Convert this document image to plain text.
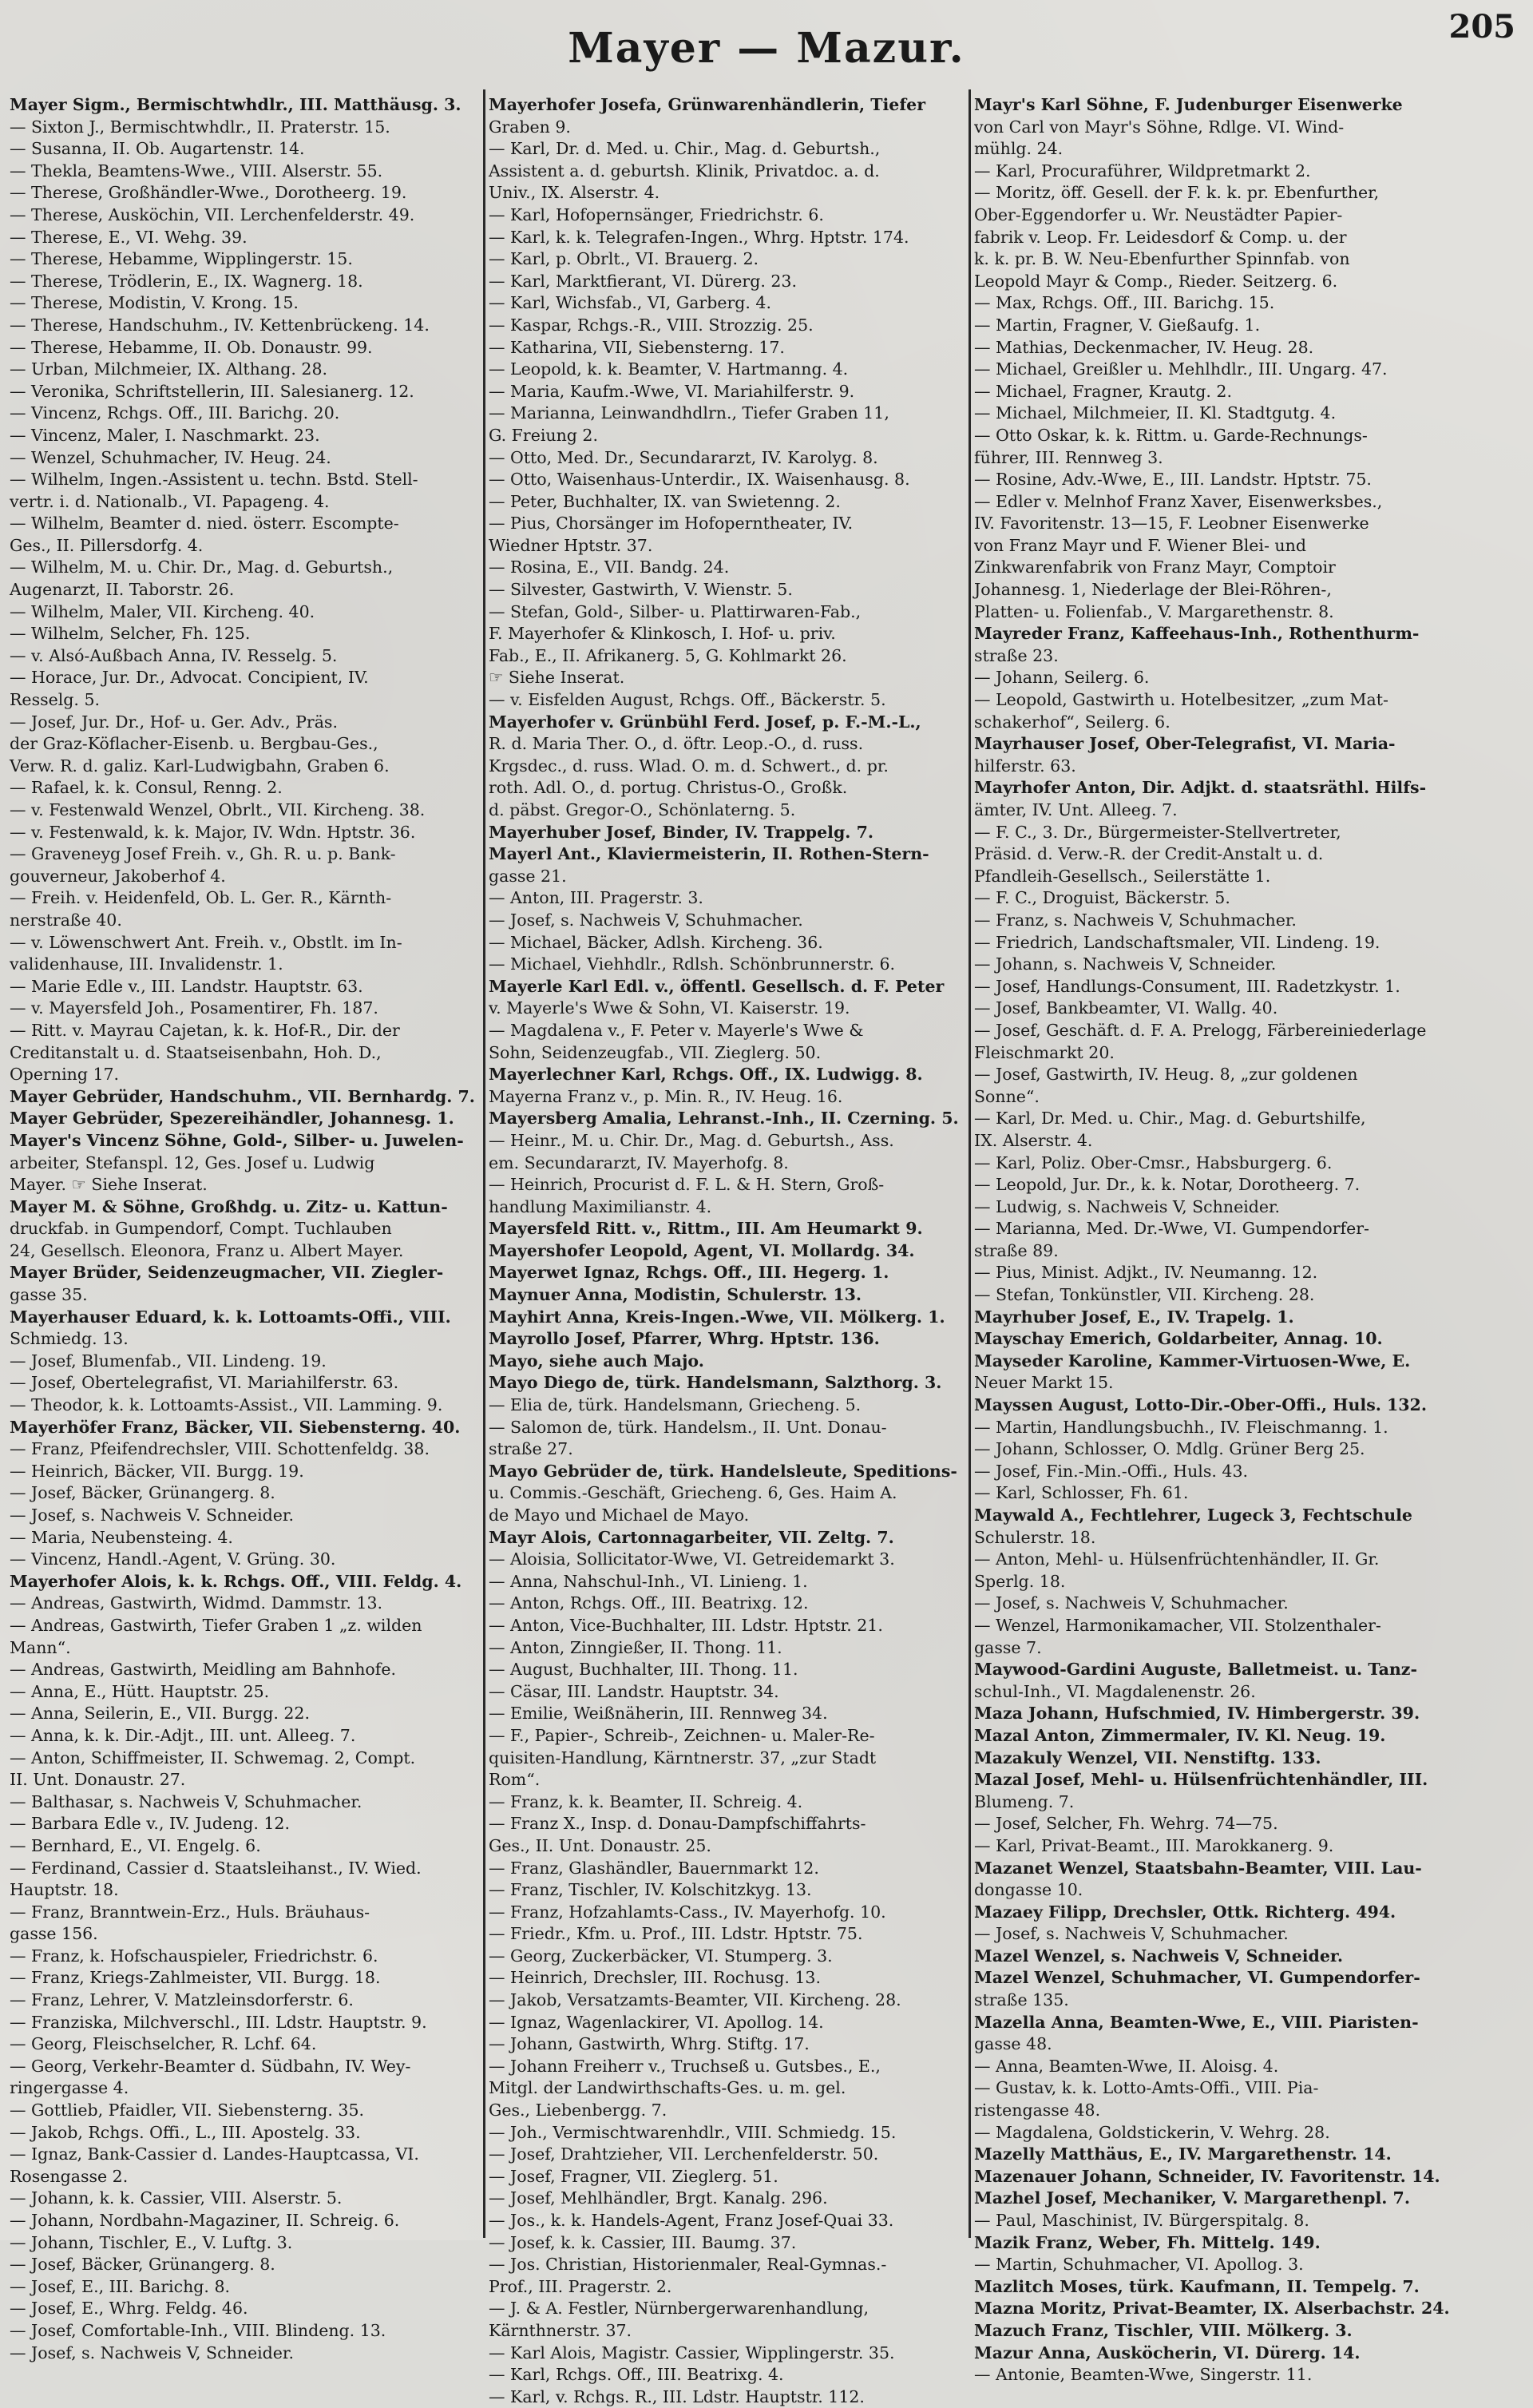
Mayer — Mazur.	205
Mayer Sigm., Bermischtwhdlr., III. Matthäusg. 3.
— Sixton J., Bermischtwhdlr., II. Praterstr. 15.
— Susanna, II. Ob. Augartenstr. 14.
— Thekla, Beamtens-Wwe., VIII. Alserstr. 55.
— Therese, Großhändler-Wwe., Dorotheerg. 19.
— Therese, Ausköchin, VII. Lerchenfelderstr. 49.
— Therese, E., VI. Wehg. 39.
— Therese, Hebamme, Wipplingerstr. 15.
— Therese, Trödlerin, E., IX. Wagnerg. 18.
— Therese, Modistin, V. Krong. 15.
— Therese, Handschuhm., IV. Kettenbrückeng. 14.
— Therese, Hebamme, II. Ob. Donaustr. 99.
— Urban, Milchmeier, IX. Althang. 28.
— Veronika, Schriftstellerin, III. Salesianerg. 12.
— Vincenz, Rchgs. Off., III. Barichg. 20.
— Vincenz, Maler, I. Naschmarkt. 23.
— Wenzel, Schuhmacher, IV. Heug. 24.
— Wilhelm, Ingen.-Assistent u. techn. Bstd. Stell-
vertr. i. d. Nationalb., VI. Papageng. 4.
— Wilhelm, Beamter d. nied. österr. Escompte-
Ges., II. Pillersdorfg. 4.
— Wilhelm, M. u. Chir. Dr., Mag. d. Geburtsh.,
Augenarzt, II. Taborstr. 26.
— Wilhelm, Maler, VII. Kircheng. 40.
— Wilhelm, Selcher, Fh. 125.
— v. Alsó-Außbach Anna, IV. Resselg. 5.
— Horace, Jur. Dr., Advocat. Concipient, IV.
Resselg. 5.
— Josef, Jur. Dr., Hof- u. Ger. Adv., Präs.
der Graz-Köflacher-Eisenb. u. Bergbau-Ges.,
Verw. R. d. galiz. Karl-Ludwigbahn, Graben 6.
— Rafael, k. k. Consul, Renng. 2.
— v. Festenwald Wenzel, Obrlt., VII. Kircheng. 38.
— v. Festenwald, k. k. Major, IV. Wdn. Hptstr. 36.
— Graveneyg Josef Freih. v., Gh. R. u. p. Bank-
gouverneur, Jakoberhof 4.
— Freih. v. Heidenfeld, Ob. L. Ger. R., Kärnth-
nerstraße 40.
— v. Löwenschwert Ant. Freih. v., Obstlt. im In-
validenhause, III. Invalidenstr. 1.
— Marie Edle v., III. Landstr. Hauptstr. 63.
— v. Mayersfeld Joh., Posamentirer, Fh. 187.
— Ritt. v. Mayrau Cajetan, k. k. Hof-R., Dir. der
Creditanstalt u. d. Staatseisenbahn, Hoh. D.,
Operning 17.
Mayer Gebrüder, Handschuhm., VII. Bernhardg. 7.
Mayer Gebrüder, Spezereihändler, Johannesg. 1.
Mayer's Vincenz Söhne, Gold-, Silber- u. Juwelen-
arbeiter, Stefanspl. 12, Ges. Josef u. Ludwig
Mayer. ☞ Siehe Inserat.
Mayer M. & Söhne, Großhdg. u. Zitz- u. Kattun-
druckfab. in Gumpendorf, Compt. Tuchlauben
24, Gesellsch. Eleonora, Franz u. Albert Mayer.
Mayer Brüder, Seidenzeugmacher, VII. Ziegler-
gasse 35.
Mayerhauser Eduard, k. k. Lottoamts-Offi., VIII.
Schmiedg. 13.
— Josef, Blumenfab., VII. Lindeng. 19.
— Josef, Obertelegrafist, VI. Mariahilferstr. 63.
— Theodor, k. k. Lottoamts-Assist., VII. Lamming. 9.
Mayerhöfer Franz, Bäcker, VII. Siebensterng. 40.
— Franz, Pfeifendrechsler, VIII. Schottenfeldg. 38.
— Heinrich, Bäcker, VII. Burgg. 19.
— Josef, Bäcker, Grünangerg. 8.
— Josef, s. Nachweis V. Schneider.
— Maria, Neubensteing. 4.
— Vincenz, Handl.-Agent, V. Grüng. 30.
Mayerhofer Alois, k. k. Rchgs. Off., VIII. Feldg. 4.
— Andreas, Gastwirth, Widmd. Dammstr. 13.
— Andreas, Gastwirth, Tiefer Graben 1 „z. wilden
Mann“.
— Andreas, Gastwirth, Meidling am Bahnhofe.
— Anna, E., Hütt. Hauptstr. 25.
— Anna, Seilerin, E., VII. Burgg. 22.
— Anna, k. k. Dir.-Adjt., III. unt. Alleeg. 7.
— Anton, Schiffmeister, II. Schwemag. 2, Compt.
II. Unt. Donaustr. 27.
— Balthasar, s. Nachweis V, Schuhmacher.
— Barbara Edle v., IV. Judeng. 12.
— Bernhard, E., VI. Engelg. 6.
— Ferdinand, Cassier d. Staatsleihanst., IV. Wied.
Hauptstr. 18.
— Franz, Branntwein-Erz., Huls. Bräuhaus-
gasse 156.
— Franz, k. Hofschauspieler, Friedrichstr. 6.
— Franz, Kriegs-Zahlmeister, VII. Burgg. 18.
— Franz, Lehrer, V. Matzleinsdorferstr. 6.
— Franziska, Milchverschl., III. Ldstr. Hauptstr. 9.
— Georg, Fleischselcher, R. Lchf. 64.
— Georg, Verkehr-Beamter d. Südbahn, IV. Wey-
ringergasse 4.
— Gottlieb, Pfaidler, VII. Siebensterng. 35.
— Jakob, Rchgs. Offi., L., III. Apostelg. 33.
— Ignaz, Bank-Cassier d. Landes-Hauptcassa, VI.
Rosengasse 2.
— Johann, k. k. Cassier, VIII. Alserstr. 5.
— Johann, Nordbahn-Magaziner, II. Schreig. 6.
— Johann, Tischler, E., V. Luftg. 3.
— Josef, Bäcker, Grünangerg. 8.
— Josef, E., III. Barichg. 8.
— Josef, E., Whrg. Feldg. 46.
— Josef, Comfortable-Inh., VIII. Blindeng. 13.
— Josef, s. Nachweis V, Schneider.
Mayerhofer Josefa, Grünwarenhändlerin, Tiefer
Graben 9.
— Karl, Dr. d. Med. u. Chir., Mag. d. Geburtsh.,
Assistent a. d. geburtsh. Klinik, Privatdoc. a. d.
Univ., IX. Alserstr. 4.
— Karl, Hofopernsänger, Friedrichstr. 6.
— Karl, k. k. Telegrafen-Ingen., Whrg. Hptstr. 174.
— Karl, p. Obrlt., VI. Brauerg. 2.
— Karl, Marktfierant, VI. Dürerg. 23.
— Karl, Wichsfab., VI, Garberg. 4.
— Kaspar, Rchgs.-R., VIII. Strozzig. 25.
— Katharina, VII, Siebensterng. 17.
— Leopold, k. k. Beamter, V. Hartmanng. 4.
— Maria, Kaufm.-Wwe, VI. Mariahilferstr. 9.
— Marianna, Leinwandhdlrn., Tiefer Graben 11,
G. Freiung 2.
— Otto, Med. Dr., Secundararzt, IV. Karolyg. 8.
— Otto, Waisenhaus-Unterdir., IX. Waisenhausg. 8.
— Peter, Buchhalter, IX. van Swietenng. 2.
— Pius, Chorsänger im Hofoperntheater, IV.
Wiedner Hptstr. 37.
— Rosina, E., VII. Bandg. 24.
— Silvester, Gastwirth, V. Wienstr. 5.
— Stefan, Gold-, Silber- u. Plattirwaren-Fab.,
F. Mayerhofer & Klinkosch, I. Hof- u. priv.
Fab., E., II. Afrikanerg. 5, G. Kohlmarkt 26.
☞ Siehe Inserat.
— v. Eisfelden August, Rchgs. Off., Bäckerstr. 5.
Mayerhofer v. Grünbühl Ferd. Josef, p. F.-M.-L.,
R. d. Maria Ther. O., d. öftr. Leop.-O., d. russ.
Krgsdec., d. russ. Wlad. O. m. d. Schwert., d. pr.
roth. Adl. O., d. portug. Christus-O., Großk.
d. päbst. Gregor-O., Schönlaterng. 5.
Mayerhuber Josef, Binder, IV. Trappelg. 7.
Mayerl Ant., Klaviermeisterin, II. Rothen-Stern-
gasse 21.
— Anton, III. Pragerstr. 3.
— Josef, s. Nachweis V, Schuhmacher.
— Michael, Bäcker, Adlsh. Kircheng. 36.
— Michael, Viehhdlr., Rdlsh. Schönbrunnerstr. 6.
Mayerle Karl Edl. v., öffentl. Gesellsch. d. F. Peter
v. Mayerle's Wwe & Sohn, VI. Kaiserstr. 19.
— Magdalena v., F. Peter v. Mayerle's Wwe &
Sohn, Seidenzeugfab., VII. Zieglerg. 50.
Mayerlechner Karl, Rchgs. Off., IX. Ludwigg. 8.
Mayerna Franz v., p. Min. R., IV. Heug. 16.
Mayersberg Amalia, Lehranst.-Inh., II. Czerning. 5.
— Heinr., M. u. Chir. Dr., Mag. d. Geburtsh., Ass.
em. Secundararzt, IV. Mayerhofg. 8.
— Heinrich, Procurist d. F. L. & H. Stern, Groß-
handlung Maximilianstr. 4.
Mayersfeld Ritt. v., Rittm., III. Am Heumarkt 9.
Mayershofer Leopold, Agent, VI. Mollardg. 34.
Mayerwet Ignaz, Rchgs. Off., III. Hegerg. 1.
Maynuer Anna, Modistin, Schulerstr. 13.
Mayhirt Anna, Kreis-Ingen.-Wwe, VII. Mölkerg. 1.
Mayrollo Josef, Pfarrer, Whrg. Hptstr. 136.
Mayo, siehe auch Majo.
Mayo Diego de, türk. Handelsmann, Salzthorg. 3.
— Elia de, türk. Handelsmann, Griecheng. 5.
— Salomon de, türk. Handelsm., II. Unt. Donau-
straße 27.
Mayo Gebrüder de, türk. Handelsleute, Speditions-
u. Commis.-Geschäft, Griecheng. 6, Ges. Haim A.
de Mayo und Michael de Mayo.
Mayr Alois, Cartonnagarbeiter, VII. Zeltg. 7.
— Aloisia, Sollicitator-Wwe, VI. Getreidemarkt 3.
— Anna, Nahschul-Inh., VI. Linieng. 1.
— Anton, Rchgs. Off., III. Beatrixg. 12.
— Anton, Vice-Buchhalter, III. Ldstr. Hptstr. 21.
— Anton, Zinngießer, II. Thong. 11.
— August, Buchhalter, III. Thong. 11.
— Cäsar, III. Landstr. Hauptstr. 34.
— Emilie, Weißnäherin, III. Rennweg 34.
— F., Papier-, Schreib-, Zeichnen- u. Maler-Re-
quisiten-Handlung, Kärntnerstr. 37, „zur Stadt
Rom“.
— Franz, k. k. Beamter, II. Schreig. 4.
— Franz X., Insp. d. Donau-Dampfschiffahrts-
Ges., II. Unt. Donaustr. 25.
— Franz, Glashändler, Bauernmarkt 12.
— Franz, Tischler, IV. Kolschitzkyg. 13.
— Franz, Hofzahlamts-Cass., IV. Mayerhofg. 10.
— Friedr., Kfm. u. Prof., III. Ldstr. Hptstr. 75.
— Georg, Zuckerbäcker, VI. Stumperg. 3.
— Heinrich, Drechsler, III. Rochusg. 13.
— Jakob, Versatzamts-Beamter, VII. Kircheng. 28.
— Ignaz, Wagenlackirer, VI. Apollog. 14.
— Johann, Gastwirth, Whrg. Stiftg. 17.
— Johann Freiherr v., Truchseß u. Gutsbes., E.,
Mitgl. der Landwirthschafts-Ges. u. m. gel.
Ges., Liebenbergg. 7.
— Joh., Vermischtwarenhdlr., VIII. Schmiedg. 15.
— Josef, Drahtzieher, VII. Lerchenfelderstr. 50.
— Josef, Fragner, VII. Zieglerg. 51.
— Josef, Mehlhändler, Brgt. Kanalg. 296.
— Jos., k. k. Handels-Agent, Franz Josef-Quai 33.
— Josef, k. k. Cassier, III. Baumg. 37.
— Jos. Christian, Historienmaler, Real-Gymnas.-
Prof., III. Pragerstr. 2.
— J. & A. Festler, Nürnbergerwarenhandlung,
Kärnthnerstr. 37.
— Karl Alois, Magistr. Cassier, Wipplingerstr. 35.
— Karl, Rchgs. Off., III. Beatrixg. 4.
— Karl, v. Rchgs. R., III. Ldstr. Hauptstr. 112.
Mayr's Karl Söhne, F. Judenburger Eisenwerke
von Carl von Mayr's Söhne, Rdlge. VI. Wind-
mühlg. 24.
— Karl, Procuraführer, Wildpretmarkt 2.
— Moritz, öff. Gesell. der F. k. k. pr. Ebenfurther,
Ober-Eggendorfer u. Wr. Neustädter Papier-
fabrik v. Leop. Fr. Leidesdorf & Comp. u. der
k. k. pr. B. W. Neu-Ebenfurther Spinnfab. von
Leopold Mayr & Comp., Rieder. Seitzerg. 6.
— Max, Rchgs. Off., III. Barichg. 15.
— Martin, Fragner, V. Gießaufg. 1.
— Mathias, Deckenmacher, IV. Heug. 28.
— Michael, Greißler u. Mehlhdlr., III. Ungarg. 47.
— Michael, Fragner, Krautg. 2.
— Michael, Milchmeier, II. Kl. Stadtgutg. 4.
— Otto Oskar, k. k. Rittm. u. Garde-Rechnungs-
führer, III. Rennweg 3.
— Rosine, Adv.-Wwe, E., III. Landstr. Hptstr. 75.
— Edler v. Melnhof Franz Xaver, Eisenwerksbes.,
IV. Favoritenstr. 13—15, F. Leobner Eisenwerke
von Franz Mayr und F. Wiener Blei- und
Zinkwarenfabrik von Franz Mayr, Comptoir
Johannesg. 1, Niederlage der Blei-Röhren-,
Platten- u. Folienfab., V. Margarethenstr. 8.
Mayreder Franz, Kaffeehaus-Inh., Rothenthurm-
straße 23.
— Johann, Seilerg. 6.
— Leopold, Gastwirth u. Hotelbesitzer, „zum Mat-
schakerhof“, Seilerg. 6.
Mayrhauser Josef, Ober-Telegrafist, VI. Maria-
hilferstr. 63.
Mayrhofer Anton, Dir. Adjkt. d. staatsräthl. Hilfs-
ämter, IV. Unt. Alleeg. 7.
— F. C., 3. Dr., Bürgermeister-Stellvertreter,
Präsid. d. Verw.-R. der Credit-Anstalt u. d.
Pfandleih-Gesellsch., Seilerstätte 1.
— F. C., Droguist, Bäckerstr. 5.
— Franz, s. Nachweis V, Schuhmacher.
— Friedrich, Landschaftsmaler, VII. Lindeng. 19.
— Johann, s. Nachweis V, Schneider.
— Josef, Handlungs-Consument, III. Radetzkystr. 1.
— Josef, Bankbeamter, VI. Wallg. 40.
— Josef, Geschäft. d. F. A. Prelogg, Färbereiniederlage
Fleischmarkt 20.
— Josef, Gastwirth, IV. Heug. 8, „zur goldenen
Sonne“.
— Karl, Dr. Med. u. Chir., Mag. d. Geburtshilfe,
IX. Alserstr. 4.
— Karl, Poliz. Ober-Cmsr., Habsburgerg. 6.
— Leopold, Jur. Dr., k. k. Notar, Dorotheerg. 7.
— Ludwig, s. Nachweis V, Schneider.
— Marianna, Med. Dr.-Wwe, VI. Gumpendorfer-
straße 89.
— Pius, Minist. Adjkt., IV. Neumanng. 12.
— Stefan, Tonkünstler, VII. Kircheng. 28.
Mayrhuber Josef, E., IV. Trapelg. 1.
Mayschay Emerich, Goldarbeiter, Annag. 10.
Mayseder Karoline, Kammer-Virtuosen-Wwe, E.
Neuer Markt 15.
Mayssen August, Lotto-Dir.-Ober-Offi., Huls. 132.
— Martin, Handlungsbuchh., IV. Fleischmanng. 1.
— Johann, Schlosser, O. Mdlg. Grüner Berg 25.
— Josef, Fin.-Min.-Offi., Huls. 43.
— Karl, Schlosser, Fh. 61.
Maywald A., Fechtlehrer, Lugeck 3, Fechtschule
Schulerstr. 18.
— Anton, Mehl- u. Hülsenfrüchtenhändler, II. Gr.
Sperlg. 18.
— Josef, s. Nachweis V, Schuhmacher.
— Wenzel, Harmonikamacher, VII. Stolzenthaler-
gasse 7.
Maywood-Gardini Auguste, Balletmeist. u. Tanz-
schul-Inh., VI. Magdalenenstr. 26.
Maza Johann, Hufschmied, IV. Himbergerstr. 39.
Mazal Anton, Zimmermaler, IV. Kl. Neug. 19.
Mazakuly Wenzel, VII. Nenstiftg. 133.
Mazal Josef, Mehl- u. Hülsenfrüchtenhändler, III.
Blumeng. 7.
— Josef, Selcher, Fh. Wehrg. 74—75.
— Karl, Privat-Beamt., III. Marokkanerg. 9.
Mazanet Wenzel, Staatsbahn-Beamter, VIII. Lau-
dongasse 10.
Mazaey Filipp, Drechsler, Ottk. Richterg. 494.
— Josef, s. Nachweis V, Schuhmacher.
Mazel Wenzel, s. Nachweis V, Schneider.
Mazel Wenzel, Schuhmacher, VI. Gumpendorfer-
straße 135.
Mazella Anna, Beamten-Wwe, E., VIII. Piaristen-
gasse 48.
— Anna, Beamten-Wwe, II. Aloisg. 4.
— Gustav, k. k. Lotto-Amts-Offi., VIII. Pia-
ristengasse 48.
— Magdalena, Goldstickerin, V. Wehrg. 28.
Mazelly Matthäus, E., IV. Margarethenstr. 14.
Mazenauer Johann, Schneider, IV. Favoritenstr. 14.
Mazhel Josef, Mechaniker, V. Margarethenpl. 7.
— Paul, Maschinist, IV. Bürgerspitalg. 8.
Mazik Franz, Weber, Fh. Mittelg. 149.
— Martin, Schuhmacher, VI. Apollog. 3.
Mazlitch Moses, türk. Kaufmann, II. Tempelg. 7.
Mazna Moritz, Privat-Beamter, IX. Alserbachstr. 24.
Mazuch Franz, Tischler, VIII. Mölkerg. 3.
Mazur Anna, Ausköcherin, VI. Dürerg. 14.
— Antonie, Beamten-Wwe, Singerstr. 11.
